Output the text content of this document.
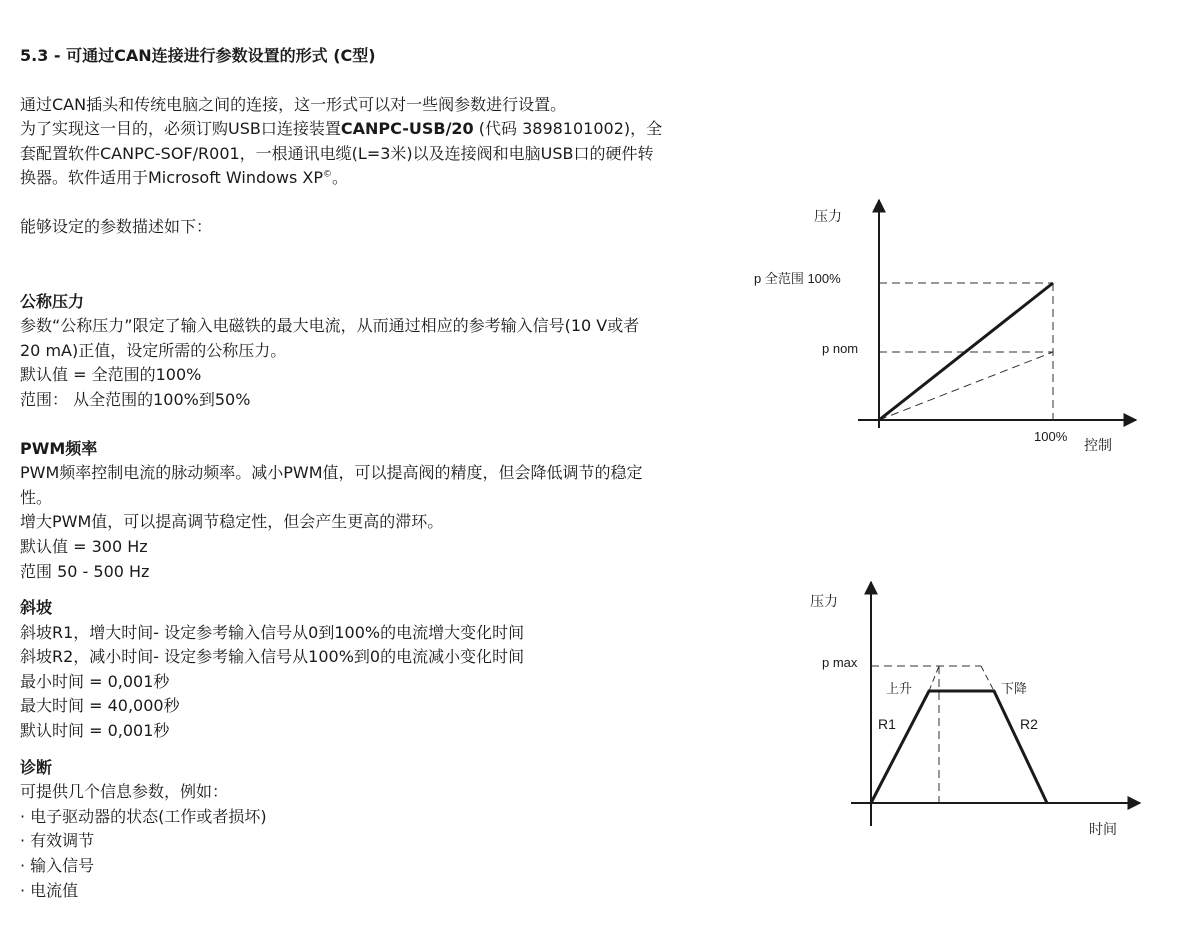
5.3 - 可通过CAN连接进行参数设置的形式 (C型)

通过CAN插头和传统电脑之间的连接，这一形式可以对一些阀参数进行设置。

为了实现这一目的，必须订购USB口连接装置CANPC-USB/20 (代码 3898101002)，全

套配置软件CANPC-SOF/R001，一根通讯电缆(L=3米)以及连接阀和电脑USB口的硬件转

换器。软件适用于Microsoft Windows XP©。

能够设定的参数描述如下：

公称压力

参数“公称压力”限定了输入电磁铁的最大电流，从而通过相应的参考输入信号(10 V或者

20 mA)正值，设定所需的公称压力。

默认值 = 全范围的100%

范围： 从全范围的100%到50%

PWM频率

PWM频率控制电流的脉动频率。减小PWM值，可以提高阀的精度，但会降低调节的稳定

性。

增大PWM值，可以提高调节稳定性，但会产生更高的滞环。

默认值 = 300 Hz

范围 50 - 500 Hz

斜坡

斜坡R1，增大时间- 设定参考输入信号从0到100%的电流增大变化时间

斜坡R2，减小时间- 设定参考输入信号从100%到0的电流减小变化时间

最小时间 = 0,001秒

最大时间 = 40,000秒

默认时间 = 0,001秒

诊断

可提供几个信息参数，例如：

· 电子驱动器的状态(工作或者损坏)

· 有效调节

· 输入信号

· 电流值

压力
p 全范围 100%
p nom
100%
控制
压力
p max
上升	下降
R1	R2
时间
